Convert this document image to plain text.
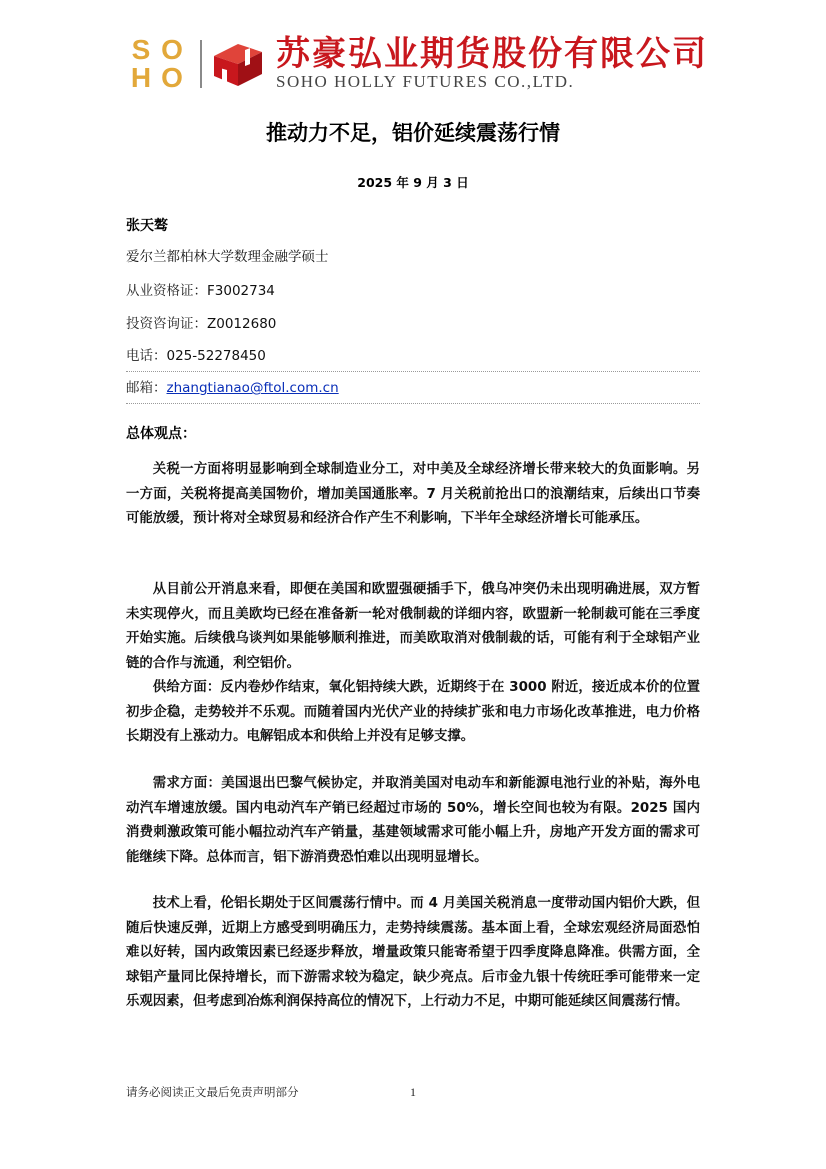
S O
H O
苏豪弘业期货股份有限公司
SOHO HOLLY FUTURES CO.,LTD.
推动力不足，铝价延续震荡行情
2025 年 9 月 3 日
张天骜
爱尔兰都柏林大学数理金融学硕士
从业资格证：F3002734
投资咨询证：Z0012680
电话：025-52278450
邮箱：zhangtianao@ftol.com.cn
总体观点：

关税一方面将明显影响到全球制造业分工，对中美及全球经济增长带来较大的负面影响。另一方面，关税将提高美国物价，增加美国通胀率。7 月关税前抢出口的浪潮结束，后续出口节奏可能放缓，预计将对全球贸易和经济合作产生不利影响，下半年全球经济增长可能承压。

从目前公开消息来看，即便在美国和欧盟强硬插手下，俄乌冲突仍未出现明确进展，双方暂未实现停火，而且美欧均已经在准备新一轮对俄制裁的详细内容，欧盟新一轮制裁可能在三季度开始实施。后续俄乌谈判如果能够顺利推进，而美欧取消对俄制裁的话，可能有利于全球铝产业链的合作与流通，利空铝价。

供给方面：反内卷炒作结束，氧化铝持续大跌，近期终于在 3000 附近，接近成本价的位置初步企稳，走势较并不乐观。而随着国内光伏产业的持续扩张和电力市场化改革推进，电力价格长期没有上涨动力。电解铝成本和供给上并没有足够支撑。

需求方面：美国退出巴黎气候协定，并取消美国对电动车和新能源电池行业的补贴，海外电动汽车增速放缓。国内电动汽车产销已经超过市场的 50%，增长空间也较为有限。2025 国内消费刺激政策可能小幅拉动汽车产销量，基建领域需求可能小幅上升，房地产开发方面的需求可能继续下降。总体而言，铝下游消费恐怕难以出现明显增长。

技术上看，伦铝长期处于区间震荡行情中。而 4 月美国关税消息一度带动国内铝价大跌，但随后快速反弹，近期上方感受到明确压力，走势持续震荡。基本面上看，全球宏观经济局面恐怕难以好转，国内政策因素已经逐步释放，增量政策只能寄希望于四季度降息降准。供需方面，全球铝产量同比保持增长，而下游需求较为稳定，缺少亮点。后市金九银十传统旺季可能带来一定乐观因素，但考虑到冶炼利润保持高位的情况下，上行动力不足，中期可能延续区间震荡行情。

请务必阅读正文最后免责声明部分	1
